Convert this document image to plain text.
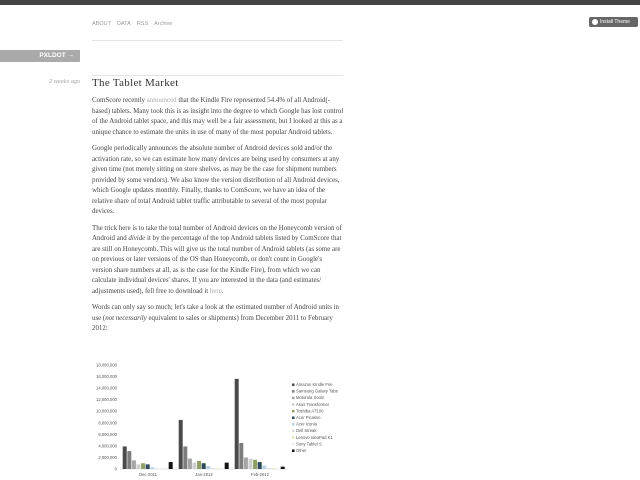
ABOUT DATA RSS Archive	Install Theme
PXLDOT →
2 weeks ago The Tablet Market

ComScore recently announced that the Kindle Fire represented 54.4% of all Android(-based) tablets. Many took this is as insight into the degree to which Google has lost control of the Android tablet space, and this may well be a fair assessment, but I looked at this as a unique chance to estimate the units in use of many of the most popular Android tablets.

Google periodically announces the absolute number of Android devices sold and/or the activation rate, so we can estimate how many devices are being used by consumers at any given time (not merely sitting on store shelves, as may be the case for shipment numbers provided by some vendors). We also know the version distribution of all Android devices, which Google updates monthly. Finally, thanks to ComScore, we have an idea of the relative share of total Android tablet traffic attributable to several of the most popular devices.

The trick here is to take the total number of Android devices on the Honeycomb version of Android and divide it by the percentage of the top Android tablets listed by ComScore that are still on Honeycomb. This will give us the total number of Android tablets (as some are on previous or later versions of the OS than Honeycomb, or don't count in Google's version share numbers at all, as is the case for the Kindle Fire), from which we can calculate individual devices' shares. If you are interested in the data (and estimates/ adjustments used), fell free to download it here.

Words can only say so much; let's take a look at the estimated number of Android units in use (not necessarily equivalent to sales or shipments) from December 2011 to February 2012:

0
2,000,000
4,000,000
6,000,000
8,000,000
10,000,000
12,000,000
14,000,000
16,000,000
18,000,000
Dec-2011	Jan-2012	Feb-2012
Amazon Kindle Fire
Samsung Galaxy Tabs
Motorola Xoom
Asus Transformer
Toshiba AT100
Acer Picasso
Acer Iconia
Dell Streak
Lenovo IdeaPad K1
Sony Tablet S
Other
